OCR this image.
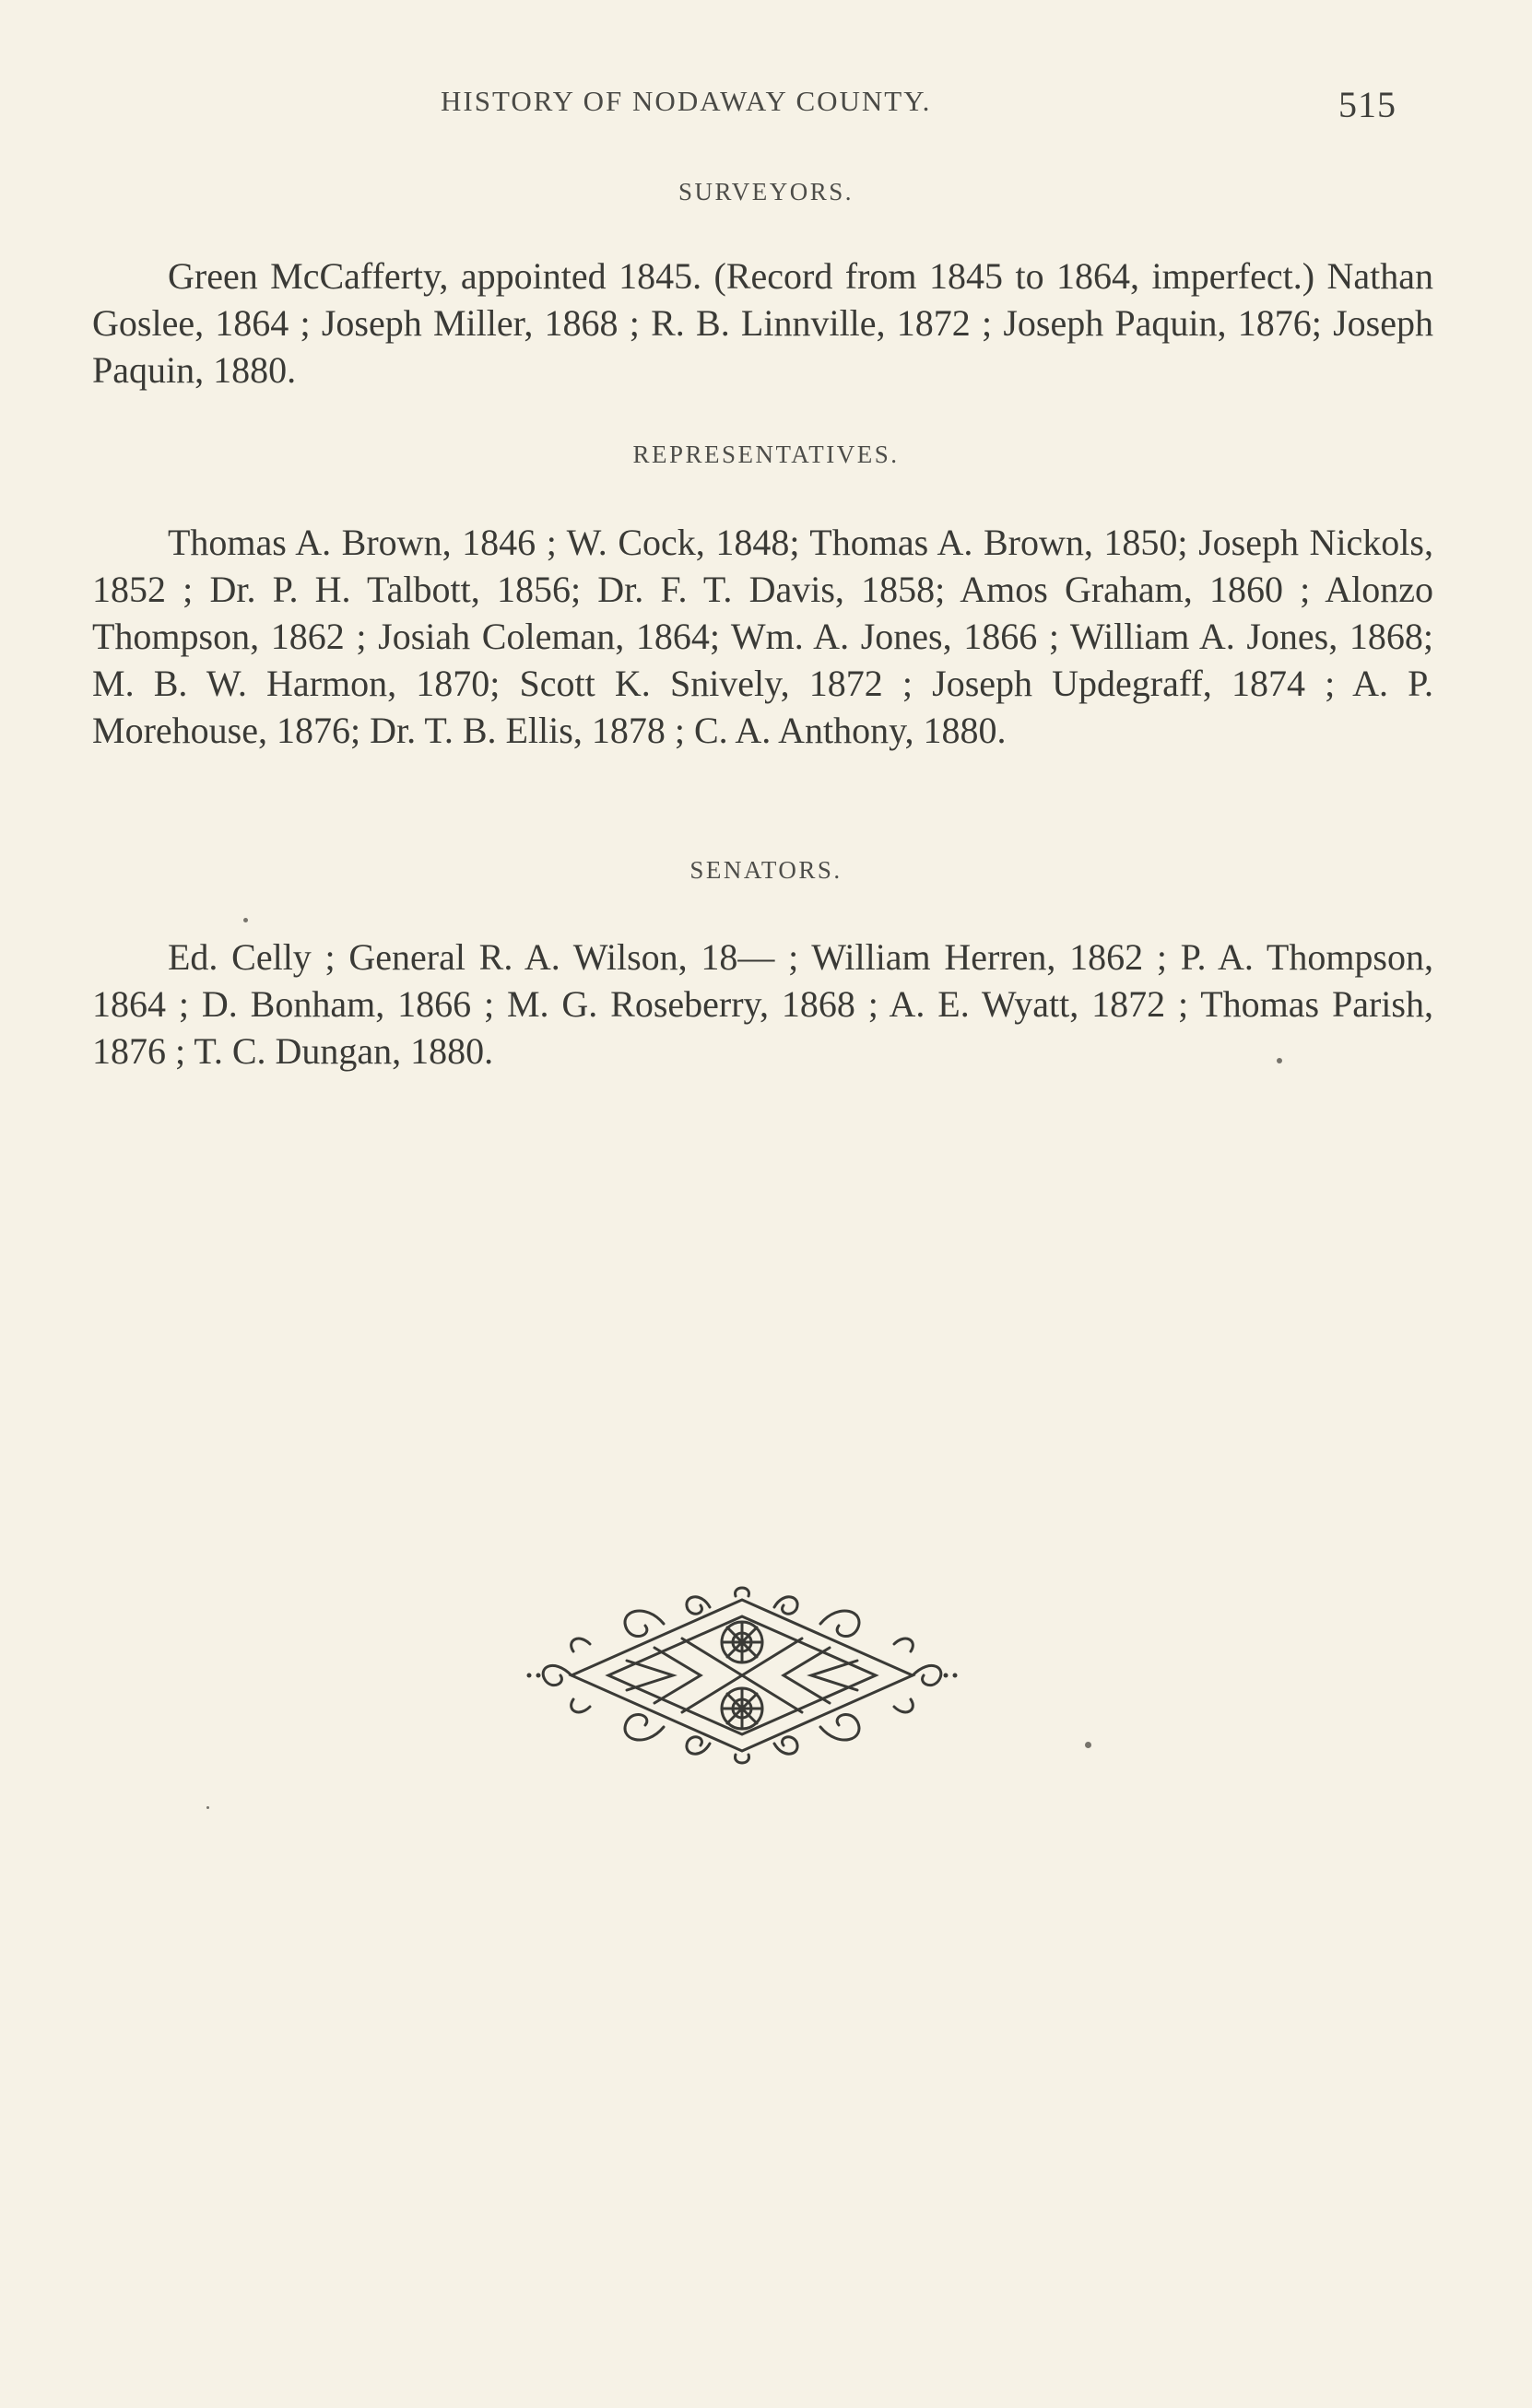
HISTORY OF NODAWAY COUNTY.	515
SURVEYORS.

Green McCafferty, appointed 1845. (Record from 1845 to 1864, imperfect.) Nathan Goslee, 1864 ; Joseph Miller, 1868 ; R. B. Linnville, 1872 ; Joseph Paquin, 1876; Joseph Paquin, 1880.

REPRESENTATIVES.

Thomas A. Brown, 1846 ; W. Cock, 1848; Thomas A. Brown, 1850; Joseph Nickols, 1852 ; Dr. P. H. Talbott, 1856; Dr. F. T. Davis, 1858; Amos Graham, 1860 ; Alonzo Thompson, 1862 ; Josiah Coleman, 1864; Wm. A. Jones, 1866 ; William A. Jones, 1868; M. B. W. Harmon, 1870; Scott K. Snively, 1872 ; Joseph Updegraff, 1874 ; A. P. Morehouse, 1876; Dr. T. B. Ellis, 1878 ; C. A. Anthony, 1880.

SENATORS.

Ed. Celly ; General R. A. Wilson, 18— ; William Herren, 1862 ; P. A. Thompson, 1864 ; D. Bonham, 1866 ; M. G. Roseberry, 1868 ; A. E. Wyatt, 1872 ; Thomas Parish, 1876 ; T. C. Dungan, 1880.
